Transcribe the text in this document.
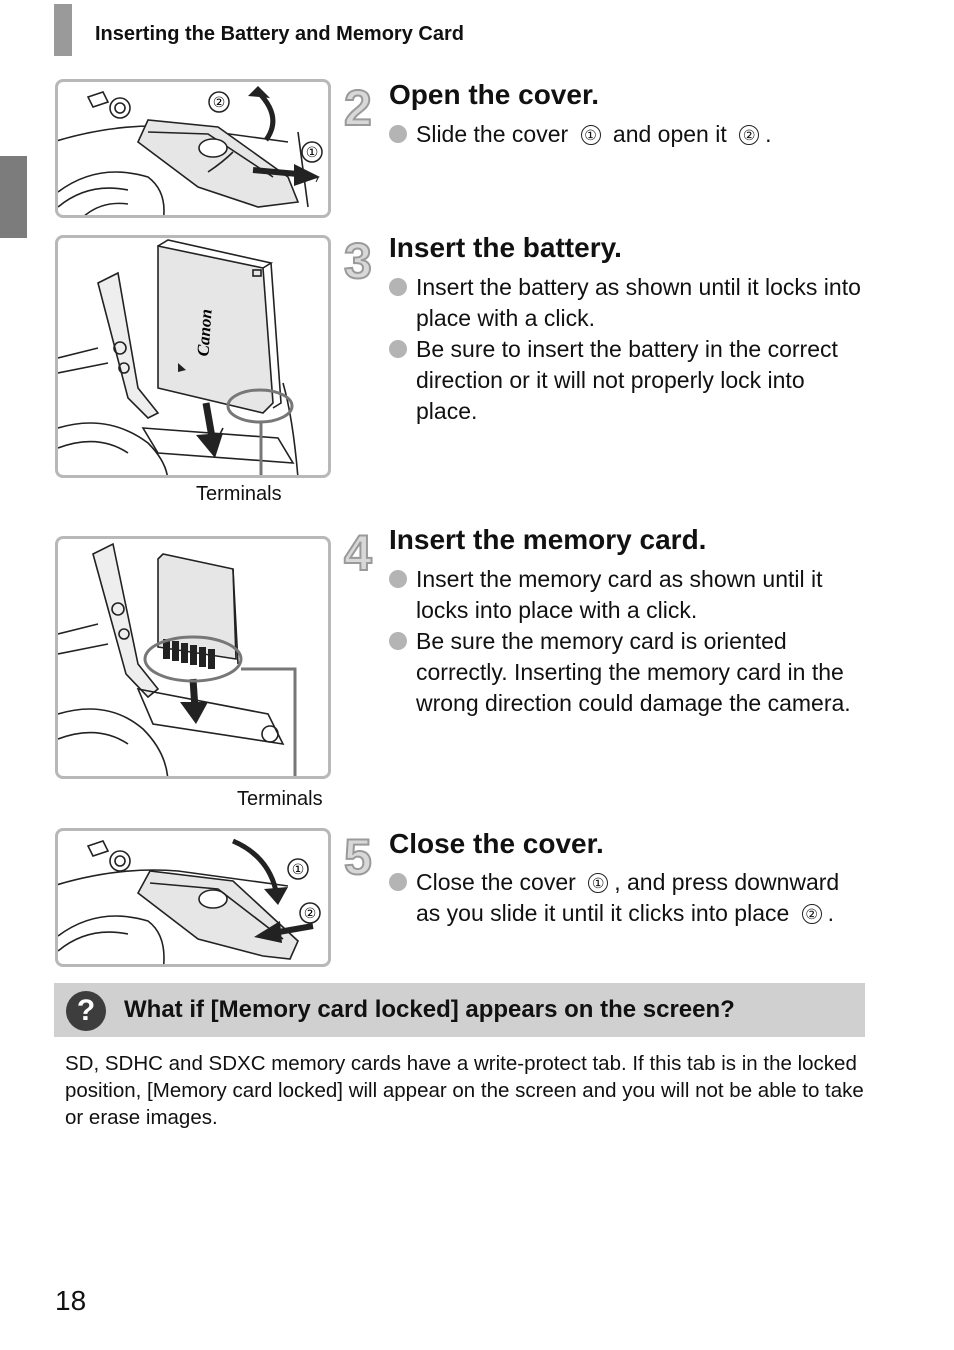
Inserting the Battery and Memory Card
②
①
Canon
Terminals
Terminals
①
②
2 Open the cover.
Slide the cover ① and open it ② .
3 Insert the battery.
Insert the battery as shown until it locks into place with a click.
Be sure to insert the battery in the correct direction or it will not properly lock into place.
4 Insert the memory card.
Insert the memory card as shown until it locks into place with a click.
Be sure the memory card is oriented correctly. Inserting the memory card in the wrong direction could damage the camera.
5 Close the cover.
Close the cover ① , and press downward as you slide it until it clicks into place ② .
?	What if [Memory card locked] appears on the screen?
SD, SDHC and SDXC memory cards have a write-protect tab. If this tab is in the locked position, [Memory card locked] will appear on the screen and you will not be able to take or erase images.
18
